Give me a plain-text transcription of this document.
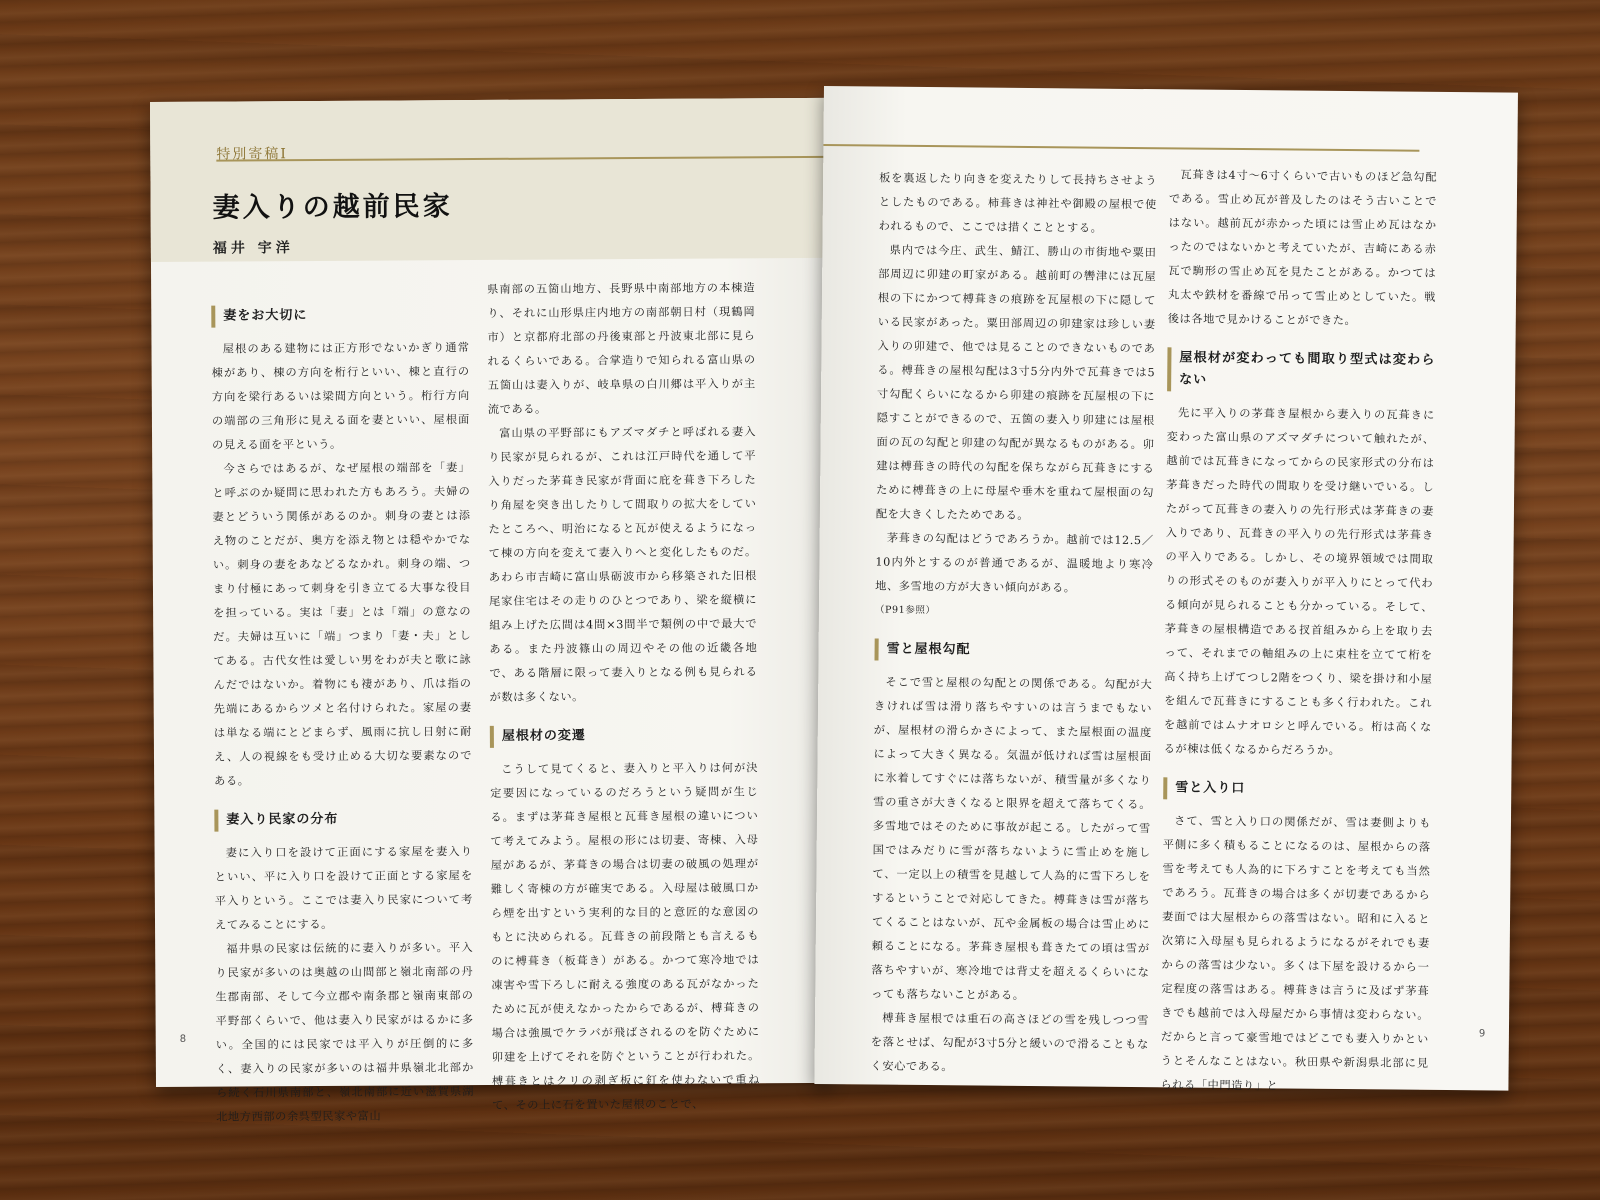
特別寄稿Ⅰ
妻入りの越前民家
福井 宇洋
妻をお大切に

屋根のある建物には正方形でないかぎり通常棟があり、棟の方向を桁行といい、棟と直行の方向を梁行あるいは梁間方向という。桁行方向の端部の三角形に見える面を妻といい、屋根面の見える面を平という。

今さらではあるが、なぜ屋根の端部を「妻」と呼ぶのか疑問に思われた方もあろう。夫婦の妻とどういう関係があるのか。刺身の妻とは添え物のことだが、奥方を添え物とは穏やかでない。刺身の妻をあなどるなかれ。刺身の端、つまり付極にあって刺身を引き立てる大事な役目を担っている。実は「妻」とは「端」の意なのだ。夫婦は互いに「端」つまり「妻・夫」としてある。古代女性は愛しい男をわが夫と歌に詠んだではないか。着物にも褄があり、爪は指の先端にあるからツメと名付けられた。家屋の妻は単なる端にとどまらず、風雨に抗し日射に耐え、人の視線をも受け止める大切な要素なのである。

妻入り民家の分布

妻に入り口を設けて正面にする家屋を妻入りといい、平に入り口を設けて正面とする家屋を平入りという。ここでは妻入り民家について考えてみることにする。

福井県の民家は伝統的に妻入りが多い。平入り民家が多いのは奥越の山間部と嶺北南部の丹生郡南部、そして今立郡や南条郡と嶺南東部の平野部くらいで、他は妻入り民家がはるかに多い。全国的には民家では平入りが圧倒的に多く、妻入りの民家が多いのは福井県嶺北北部から続く石川県南部と、嶺北南部に近い滋賀県湖北地方西部の余呉型民家や富山

県南部の五箇山地方、長野県中南部地方の本棟造り、それに山形県庄内地方の南部朝日村（現鶴岡市）と京都府北部の丹後東部と丹波東北部に見られるくらいである。合掌造りで知られる富山県の五箇山は妻入りが、岐阜県の白川郷は平入りが主流である。

富山県の平野部にもアズマダチと呼ばれる妻入り民家が見られるが、これは江戸時代を通して平入りだった茅葺き民家が背面に庇を葺き下ろしたり角屋を突き出したりして間取りの拡大をしていたところへ、明治になると瓦が使えるようになって棟の方向を変えて妻入りへと変化したものだ。あわら市吉崎に富山県砺波市から移築された旧根尾家住宅はその走りのひとつであり、梁を縦横に組み上げた広間は4間×3間半で類例の中で最大である。また丹波篠山の周辺やその他の近畿各地で、ある階層に限って妻入りとなる例も見られるが数は多くない。

屋根材の変遷

こうして見てくると、妻入りと平入りは何が決定要因になっているのだろうという疑問が生じる。まずは茅葺き屋根と瓦葺き屋根の違いについて考えてみよう。屋根の形には切妻、寄棟、入母屋があるが、茅葺きの場合は切妻の破風の処理が難しく寄棟の方が確実である。入母屋は破風口から煙を出すという実利的な目的と意匠的な意図のもとに決められる。瓦葺きの前段階とも言えるものに榑葺き（板葺き）がある。かつて寒冷地では凍害や雪下ろしに耐える強度のある瓦がなかったために瓦が使えなかったからであるが、榑葺きの場合は強風でケラバが飛ばされるのを防ぐために卯建を上げてそれを防ぐということが行われた。榑葺きとはクリの剥ぎ板に釘を使わないで重ねて、その上に石を置いた屋根のことで、

8

板を裏返したり向きを変えたりして長持ちさせようとしたものである。柿葺きは神社や御殿の屋根で使われるもので、ここでは措くこととする。

県内では今庄、武生、鯖江、勝山の市街地や粟田部周辺に卯建の町家がある。越前町の轡津には瓦屋根の下にかつて榑葺きの痕跡を瓦屋根の下に隠している民家があった。粟田部周辺の卯建家は珍しい妻入りの卯建で、他では見ることのできないものである。榑葺きの屋根勾配は3寸5分内外で瓦葺きでは5寸勾配くらいになるから卯建の痕跡を瓦屋根の下に隠すことができるので、五箇の妻入り卯建には屋根面の瓦の勾配と卯建の勾配が異なるものがある。卯建は榑葺きの時代の勾配を保ちながら瓦葺きにするために榑葺きの上に母屋や垂木を重ねて屋根面の勾配を大きくしたためである。

茅葺きの勾配はどうであろうか。越前では12.5／10内外とするのが普通であるが、温暖地より寒冷地、多雪地の方が大きい傾向がある。

（P91参照）

雪と屋根勾配

そこで雪と屋根の勾配との関係である。勾配が大きければ雪は滑り落ちやすいのは言うまでもないが、屋根材の滑らかさによって、また屋根面の温度によって大きく異なる。気温が低ければ雪は屋根面に氷着してすぐには落ちないが、積雪量が多くなり雪の重さが大きくなると限界を超えて落ちてくる。多雪地ではそのために事故が起こる。したがって雪国ではみだりに雪が落ちないように雪止めを施して、一定以上の積雪を見越して人為的に雪下ろしをするということで対応してきた。榑葺きは雪が落ちてくることはないが、瓦や金属板の場合は雪止めに頼ることになる。茅葺き屋根も葺きたての頃は雪が落ちやすいが、寒冷地では背丈を超えるくらいになっても落ちないことがある。

榑葺き屋根では重石の高さほどの雪を残しつつ雪を落とせば、勾配が3寸5分と緩いので滑ることもなく安心である。

瓦葺きは4寸～6寸くらいで古いものほど急勾配である。雪止め瓦が普及したのはそう古いことではない。越前瓦が赤かった頃には雪止め瓦はなかったのではないかと考えていたが、吉崎にある赤瓦で駒形の雪止め瓦を見たことがある。かつては丸太や鉄材を番線で吊って雪止めとしていた。戦後は各地で見かけることができた。

屋根材が変わっても間取り型式は変わらない

先に平入りの茅葺き屋根から妻入りの瓦葺きに変わった富山県のアズマダチについて触れたが、越前では瓦葺きになってからの民家形式の分布は茅葺きだった時代の間取りを受け継いでいる。したがって瓦葺きの妻入りの先行形式は茅葺きの妻入りであり、瓦葺きの平入りの先行形式は茅葺きの平入りである。しかし、その境界領域では間取りの形式そのものが妻入りが平入りにとって代わる傾向が見られることも分かっている。そして、茅葺きの屋根構造である扠首組みから上を取り去って、それまでの軸組みの上に束柱を立てて桁を高く持ち上げてつし2階をつくり、梁を掛け和小屋を組んで瓦葺きにすることも多く行われた。これを越前ではムナオロシと呼んでいる。桁は高くなるが棟は低くなるからだろうか。

雪と入り口

さて、雪と入り口の関係だが、雪は妻側よりも平側に多く積もることになるのは、屋根からの落雪を考えても人為的に下ろすことを考えても当然であろう。瓦葺きの場合は多くが切妻であるから妻面では大屋根からの落雪はない。昭和に入ると次第に入母屋も見られるようになるがそれでも妻からの落雪は少ない。多くは下屋を設けるから一定程度の落雪はある。榑葺きは言うに及ばず茅葺きでも越前では入母屋だから事情は変わらない。だからと言って豪雪地ではどこでも妻入りかというとそんなことはない。秋田県や新潟県北部に見られる「中門造り」と

9
